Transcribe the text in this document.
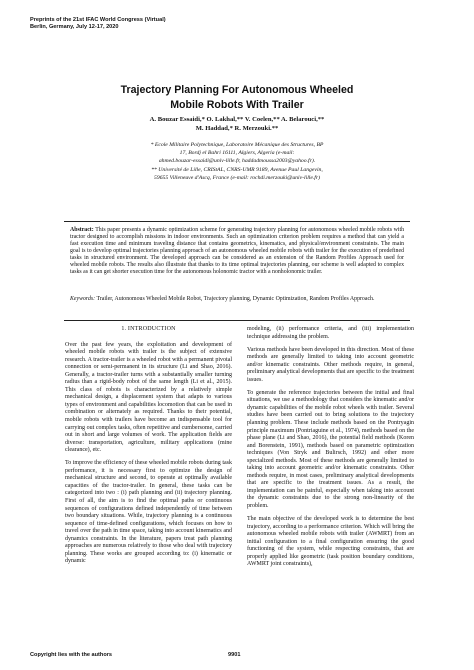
Preprints of the 21st IFAC World Congress (Virtual)
Berlin, Germany, July 12-17, 2020
Trajectory Planning For Autonomous Wheeled
Mobile Robots With Trailer
A. Bouzar Essaidi,* O. Lakhal,** V. Coelen,** A. Belarouci,**
M. Haddad,* R. Merzouki.**
* Ecole Militaire Polytechnique, Laboratoire Mécanique des Structures, BP
17, Bordj el Bahri 16111, Algiers, Algeria (e-mail:
ahmed.bouzar-essaidi@univ-lille.fr, haddadmoussa2003@yahoo.fr).
** Université de Lille, CRIStAL, CNRS-UMR 9189, Avenue Paul Langevin,
59655 Villeneuve d'Ascq, France (e-mail: rochdi.merzouki@univ-lille.fr)
Abstract: This paper presents a dynamic optimization scheme for generating trajectory planning for autonomous wheeled mobile robots with tractor designed to accomplish missions in indoor environments. Such an optimization criterion problem requires a method that can yield a fast execution time and minimum traveling distance that contains geometrics, kinematics, and physical/environment constraints. The main goal is to develop optimal trajectories planning approach of an autonomous wheeled mobile robots with trailer for the execution of predefined tasks in structured environment. The developed approach can be considered as an extension of the Random Profiles Approach used for wheeled mobile robots. The results also illustrate that thanks to its time optimal trajectories planning, our scheme is well adapted to complex tasks as it can get shorter execution time for the autonomous holonomic tractor with a nonholonomic trailer.
Keywords: Trailer, Autonomous Wheeled Mobile Robot, Trajectory planning, Dynamic Optimization, Random Profiles Approach.

1. INTRODUCTION

Over the past few years, the exploitation and development of wheeled mobile robots with trailer is the subject of extensive research. A tractor-trailer is a wheeled robot with a permanent pivotal connection or semi-permanent in its structure (Li and Shao, 2016). Generally, a tractor-trailer turns with a substantially smaller turning radius than a rigid-body robot of the same length (Li et al., 2015). This class of robots is characterized by a relatively simple mechanical design, a displacement system that adapts to various types of environment and capabilities locomotion that can be used in combination or alternately as required. Thanks to their potential, mobile robots with trailers have become an indispensable tool for carrying out complex tasks, often repetitive and cumbersome, carried out in short and large volumes of work. The application fields are diverse: transportation, agriculture, military applications (mine clearance), etc.

To improve the efficiency of these wheeled mobile robots during task performance, it is necessary first to optimize the design of mechanical structure and second, to operate at optimally available capacities of the tractor-trailer. In general, these tasks can be categorized into two : (i) path planning and (ii) trajectory planning. First of all, the aim is to find the optimal paths or continuous sequences of configurations defined independently of time between two boundary situations. While, trajectory planning is a continuous sequence of time-defined configurations, which focuses on how to travel over the path in time space, taking into account kinematics and dynamics constraints. In the literature, papers treat path planning approaches are numerous relatively to those who deal with trajectory planning. These works are grouped according to: (i) kinematic or dynamic

modeling, (ii) performance criteria, and (iii) implementation technique addressing the problem.

Various methods have been developed in this direction. Most of these methods are generally limited to taking into account geometric and/or kinematic constraints. Other methods require, in general, preliminary analytical developments that are specific to the treatment issues.

To generate the reference trajectories between the initial and final situations, we use a methodology that considers the kinematic and/or dynamic capabilities of the mobile robot wheels with trailer. Several studies have been carried out to bring solutions to the trajectory planning problem. These include methods based on the Pontryagin principle maximum (Pontriaguine et al., 1974), methods based on the phase plane (Li and Shao, 2016), the potential field methods (Koren and Borenstein, 1991), methods based on parametric optimization techniques (Von Stryk and Bulirsch, 1992) and other more specialized methods. Most of these methods are generally limited to taking into account geometric and/or kinematic constraints. Other methods require, in most cases, preliminary analytical developments that are specific to the treatment issues. As a result, the implementation can be painful, especially when taking into account the dynamic constraints due to the strong non-linearity of the problem.

The main objective of the developed work is to determine the best trajectory, according to a performance criterion. Which will bring the autonomous wheeled mobile robots with trailer (AWMRT) from an initial configuration to a final configuration ensuring the good functioning of the system, while respecting constraints, that are properly applied like geometric (task position boundary conditions, AWMRT joint constraints),

Copyright lies with the authors	9901
